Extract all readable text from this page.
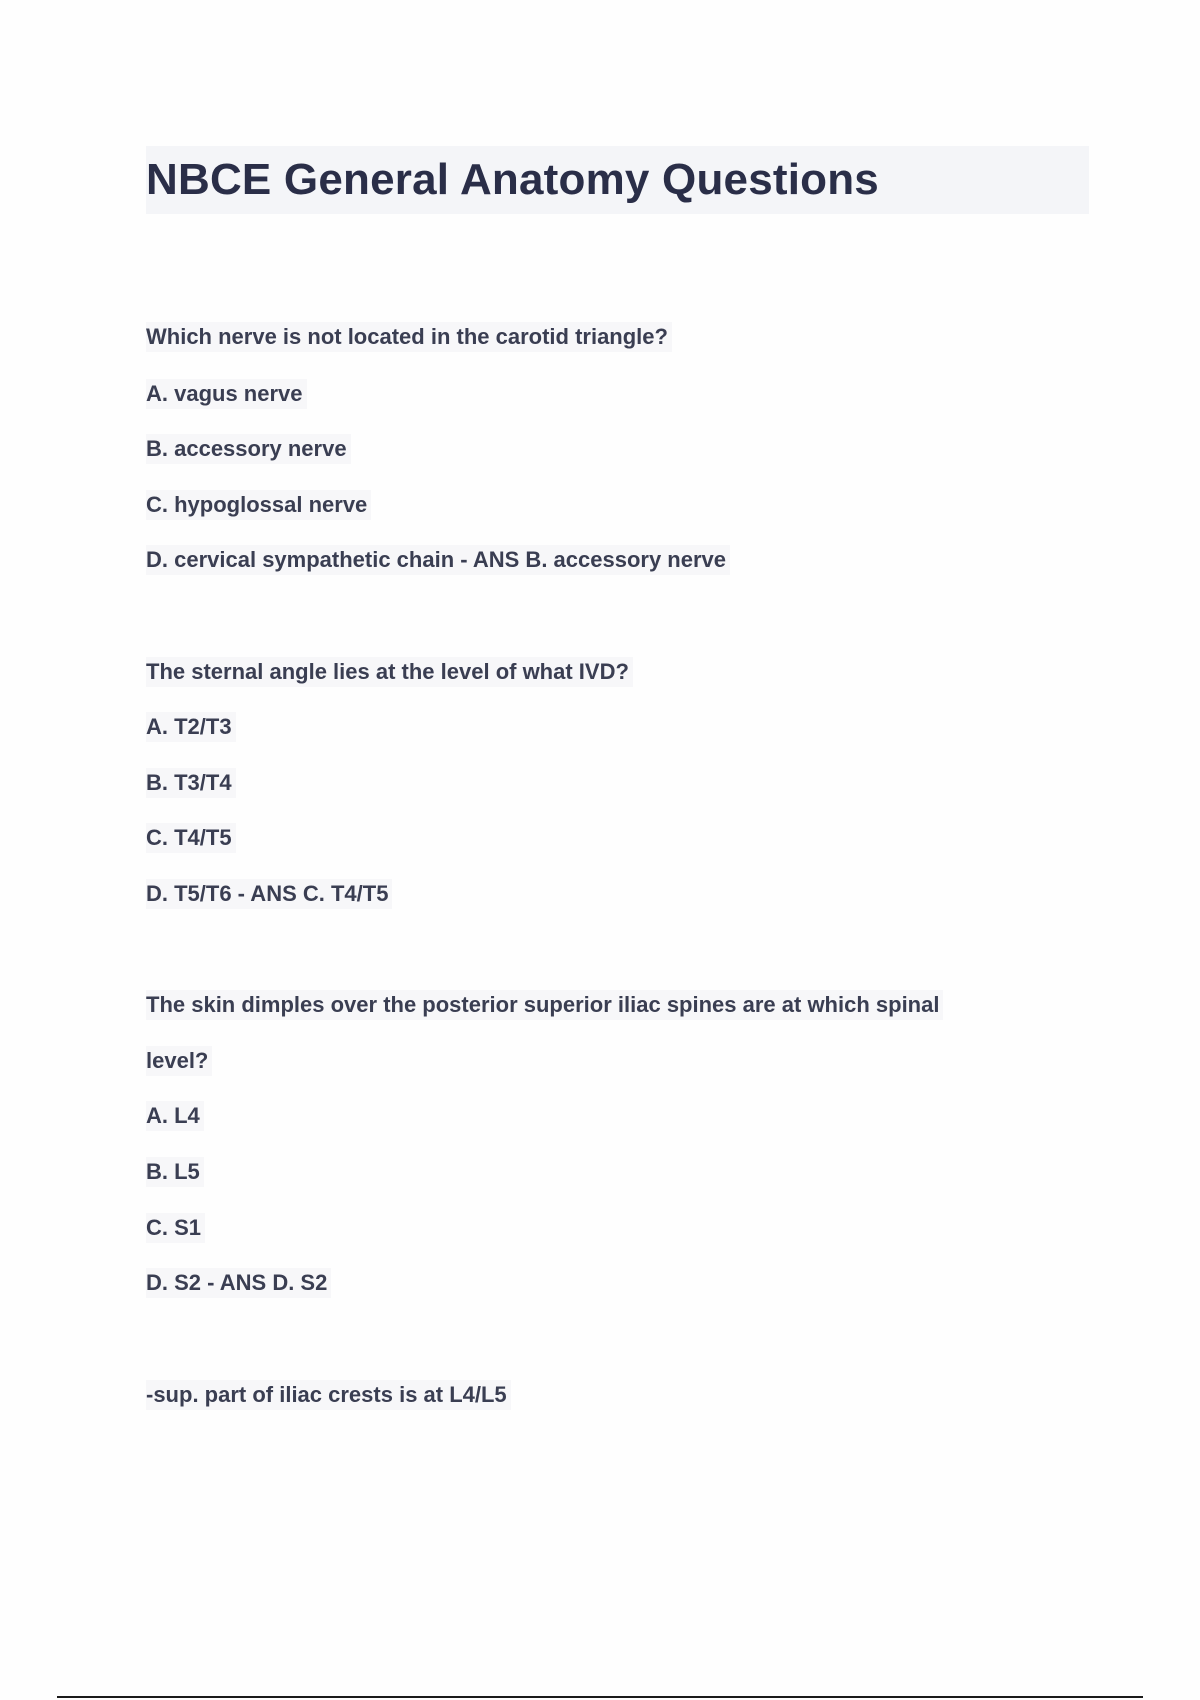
NBCE General Anatomy Questions
Which nerve is not located in the carotid triangle?
A. vagus nerve
B. accessory nerve
C. hypoglossal nerve
D. cervical sympathetic chain - ANS B. accessory nerve
The sternal angle lies at the level of what IVD?
A. T2/T3
B. T3/T4
C. T4/T5
D. T5/T6 - ANS C. T4/T5
The skin dimples over the posterior superior iliac spines are at which spinal
level?
A. L4
B. L5
C. S1
D. S2 - ANS D. S2
-sup. part of iliac crests is at L4/L5
